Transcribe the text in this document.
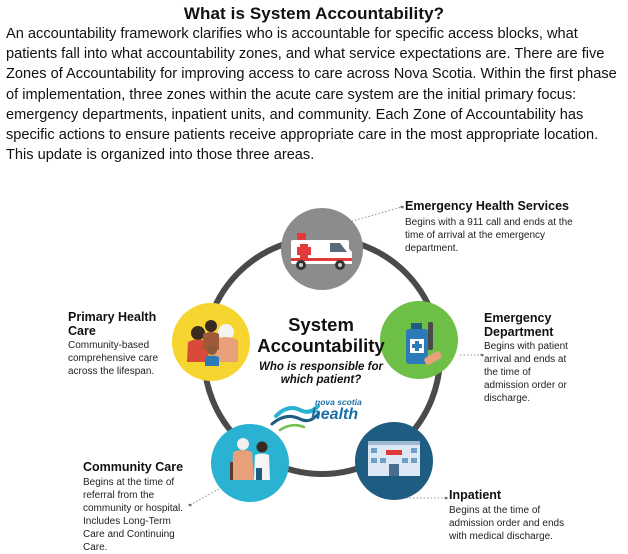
What is System Accountability?
An accountability framework clarifies who is accountable for specific access blocks, what patients fall into what accountability zones, and what service expectations are. There are five Zones of Accountability for improving access to care across Nova Scotia. Within the first phase of implementation, three zones within the acute care system are the initial primary focus: emergency departments, inpatient units, and community. Each Zone of Accountability has specific actions to ensure patients receive appropriate care in the most appropriate location. This update is organized into those three areas.
System Accountability
Who is responsible for which patient?
nova scotia
health
Emergency Health Services
Begins with a 911 call and ends at the time of arrival at the emergency department.
Emergency Department
Begins with patient arrival and ends at the time of admission order or discharge.
Inpatient
Begins at the time of admission order and ends with medical discharge.
Community Care
Begins at the time of referral from the community or hospital. Includes Long-Term Care and Continuing Care.
Primary Health Care
Community-based comprehensive care across the lifespan.
